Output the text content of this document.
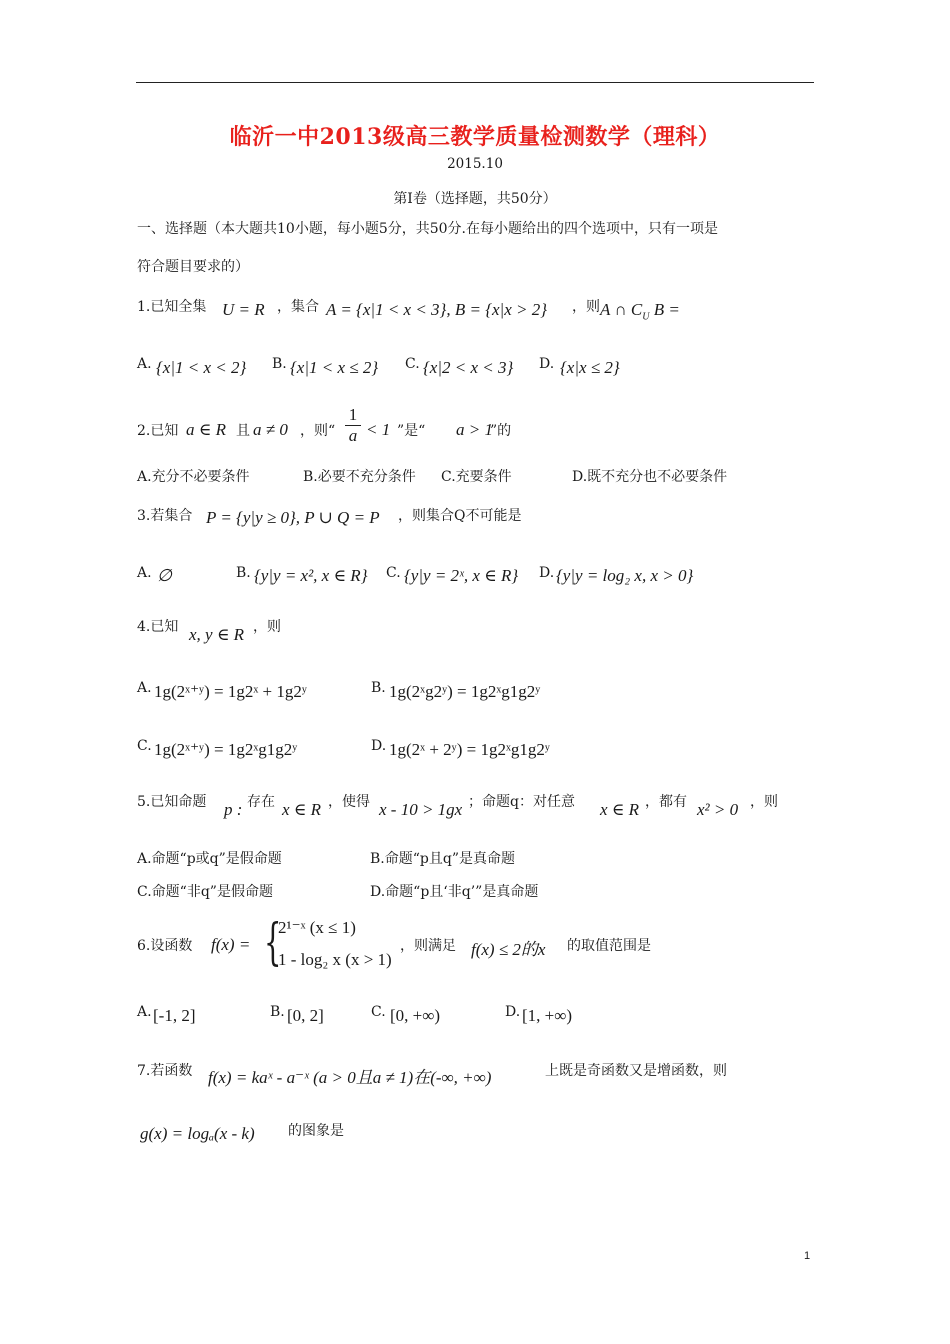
临沂一中2013级高三教学质量检测数学（理科）
2015.10
第I卷（选择题，共50分）
一、选择题（本大题共10小题，每小题5分，共50分.在每小题给出的四个选项中，只有一项是
符合题目要求的）
1.已知全集 U = R ，集合 A = {x|1 < x < 3}, B = {x|x > 2} ，则 A ∩ $C_U$ B =
A. {x|1 < x < 2} B. {x|1 < x ≤ 2} C. {x|2 < x < 3} D. {x|x ≤ 2}
2.已知 a ∈ R 且 a ≠ 0 ，则“
1
a < 1 ”是“ a > 1
”的
A.充分不必要条件	B.必要不充分条件 C.充要条件	D.既不充分也不必要条件
3.若集合 P = {y|y ≥ 0}, P ∪ Q = P ，则集合Q不可能是
A. ∅	B. {y|y = x², x ∈ R} C. {y|y = 2ˣ, x ∈ R} D. {y|y = log₂ x, x > 0}
4.已知 x, y ∈ R ，则
A. 1g(2ˣ⁺ʸ) = 1g2ˣ + 1g2ʸ	B. 1g(2ˣg2ʸ) = 1g2ˣg1g2ʸ
C. 1g(2ˣ⁺ʸ) = 1g2ˣg1g2ʸ	D. 1g(2ˣ + 2ʸ) = 1g2ˣg1g2ʸ
5.已知命题 p : 存在 x ∈ R ，使得 x - 10 > 1gx ；命题q：对任意 x ∈ R ，都有 x² > 0 ，则
A.命题“p或q”是假命题	B.命题“p且q”是真命题
C.命题“非q”是假命题	D.命题“p且‘非q’”是真命题
6.设函数 f(x) = {
2¹⁻ˣ (x ≤ 1)
1 - log₂ x (x > 1)
，则满足 f(x) ≤ 2的x 的取值范围是
A. [-1, 2]	B. [0, 2]	C. [0, +∞)	D. [1, +∞)
7.若函数 f(x) = kaˣ - a⁻ˣ (a > 0且a ≠ 1)在(-∞, +∞)	上既是奇函数又是增函数，则
g(x) = logₐ(x - k) 的图象是
1
